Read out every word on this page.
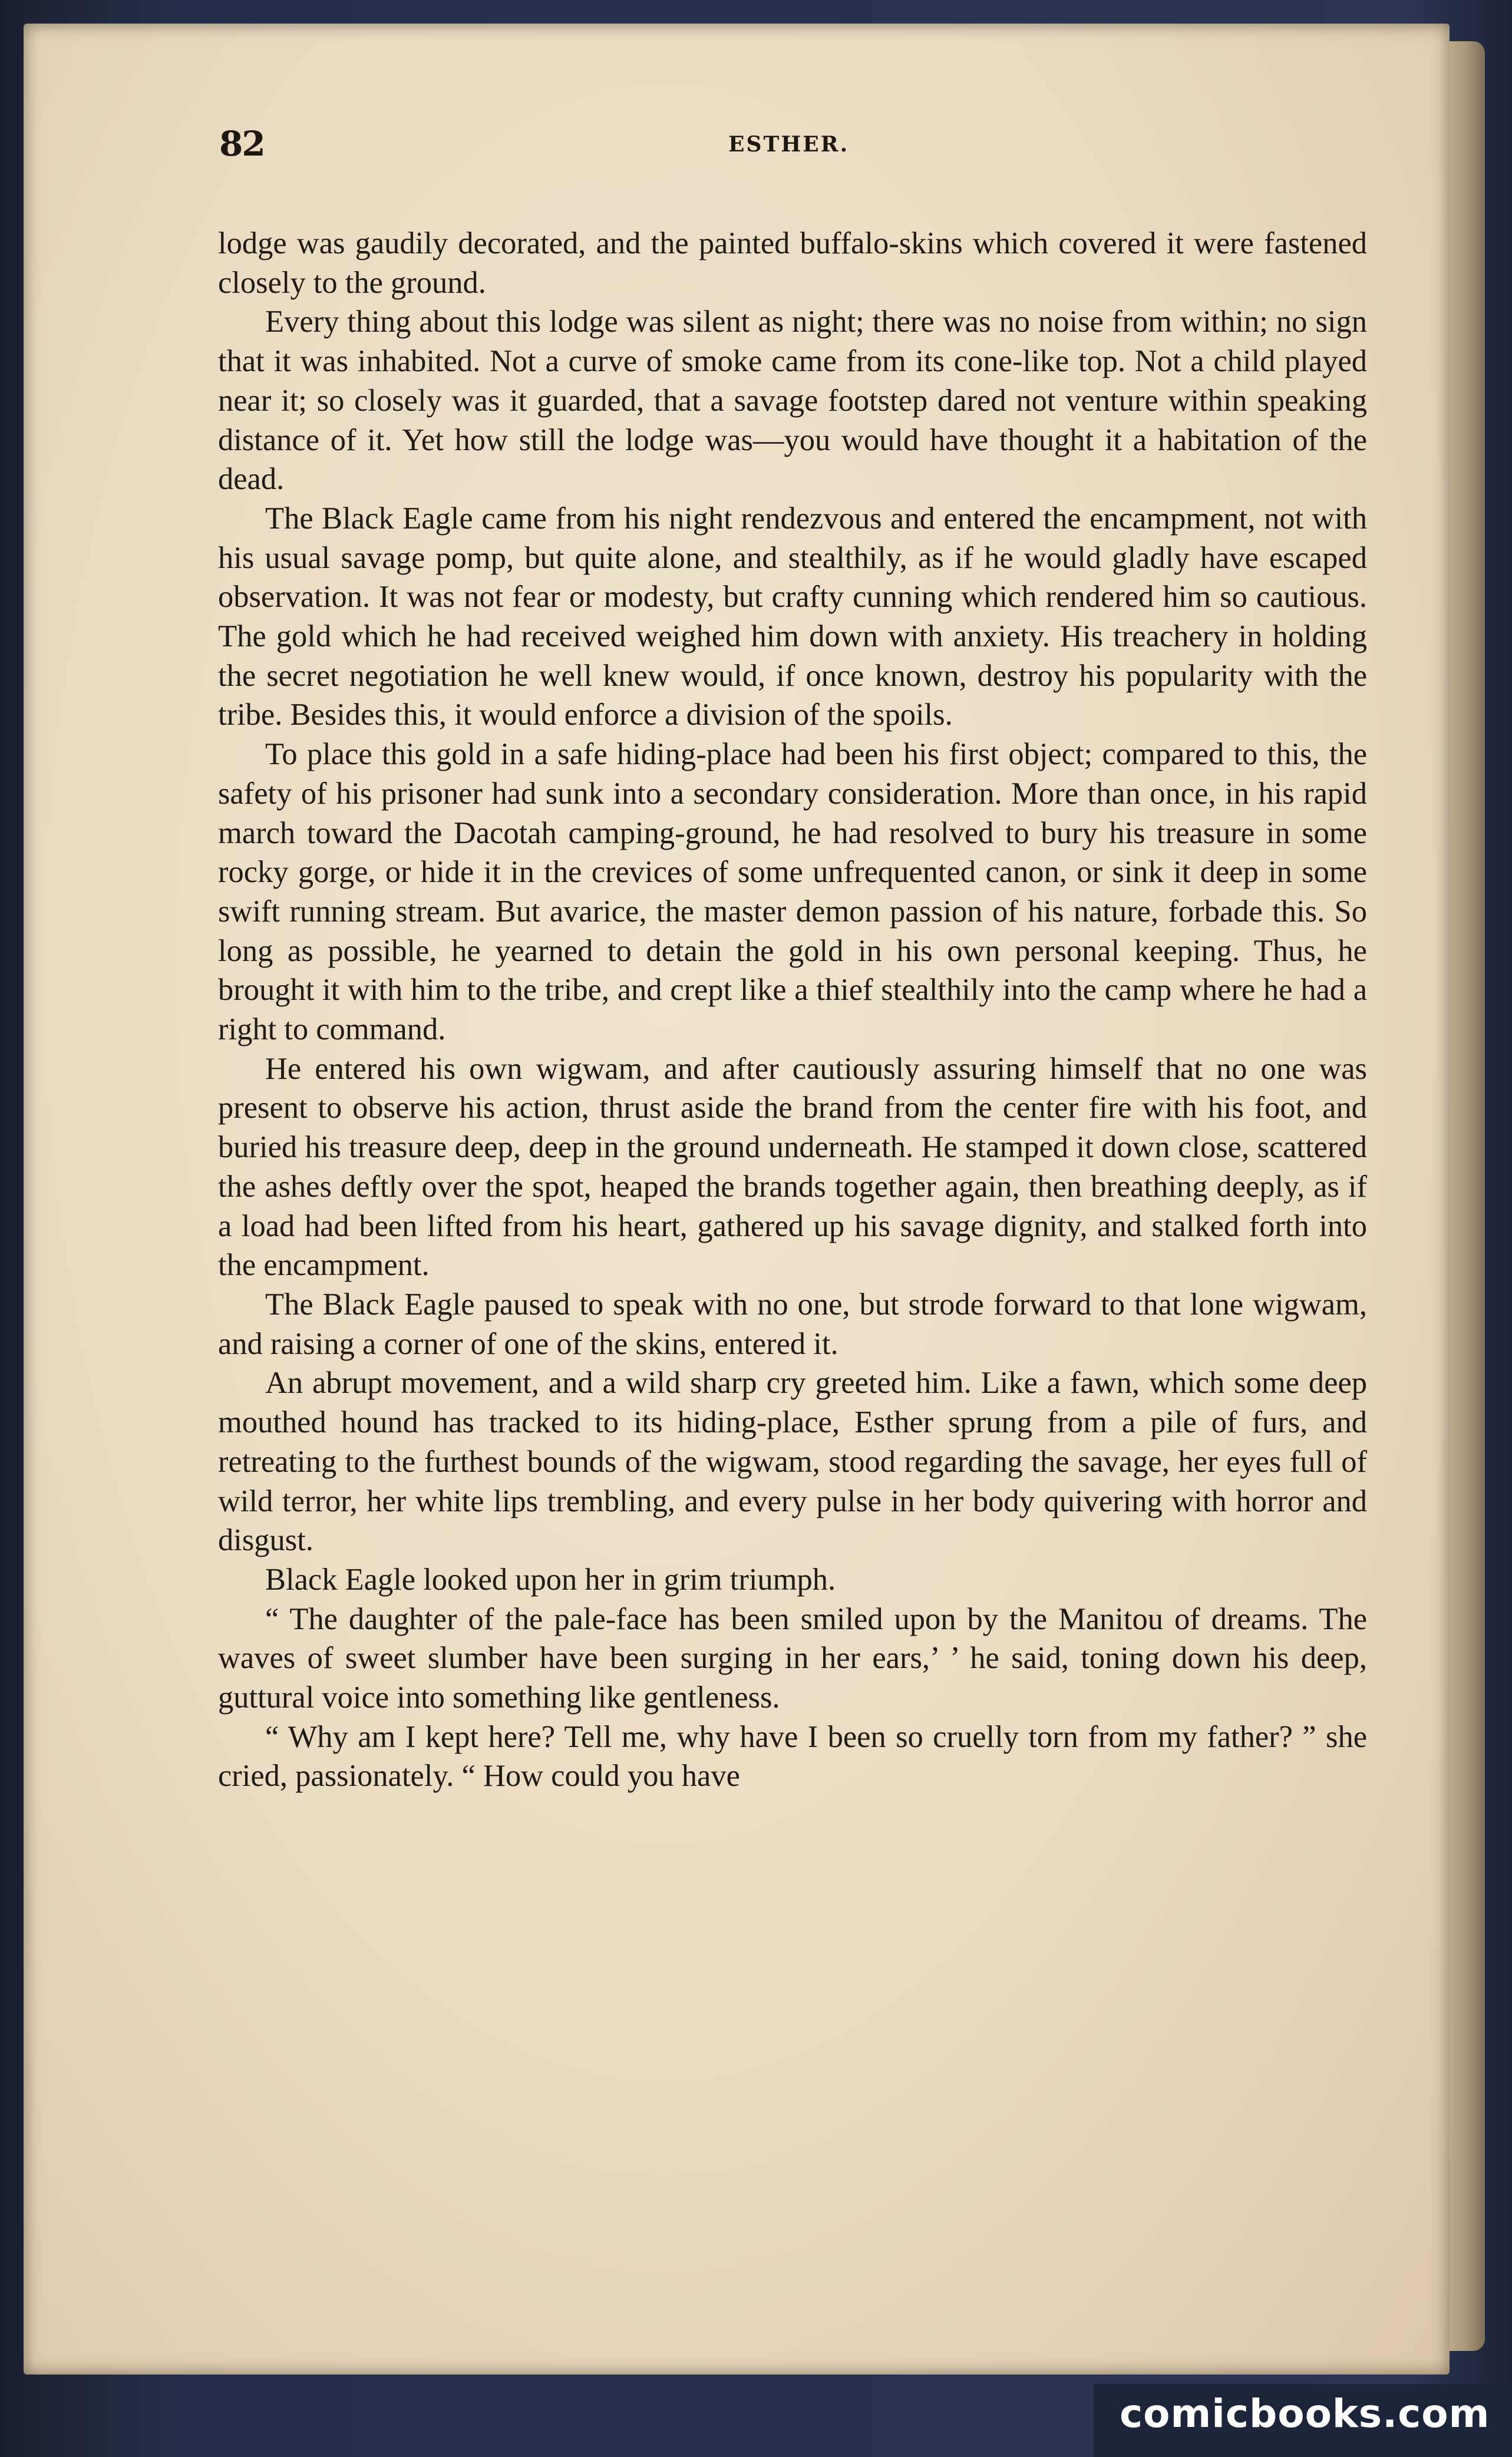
82	ESTHER.

lodge was gaudily decorated, and the painted buffalo-skins which covered it were fastened closely to the ground.

Every thing about this lodge was silent as night; there was no noise from within; no sign that it was inhabited. Not a curve of smoke came from its cone-like top. Not a child played near it; so closely was it guarded, that a savage footstep dared not venture within speaking distance of it. Yet how still the lodge was—you would have thought it a habitation of the dead.

The Black Eagle came from his night rendezvous and entered the encampment, not with his usual savage pomp, but quite alone, and stealthily, as if he would gladly have escaped observation. It was not fear or modesty, but crafty cunning which rendered him so cautious. The gold which he had received weighed him down with anxiety. His treachery in holding the secret negotiation he well knew would, if once known, destroy his popularity with the tribe. Besides this, it would enforce a division of the spoils.

To place this gold in a safe hiding-place had been his first object; compared to this, the safety of his prisoner had sunk into a secondary consideration. More than once, in his rapid march toward the Dacotah camping-ground, he had resolved to bury his treasure in some rocky gorge, or hide it in the crevices of some unfrequented canon, or sink it deep in some swift running stream. But avarice, the master demon passion of his nature, forbade this. So long as possible, he yearned to detain the gold in his own personal keeping. Thus, he brought it with him to the tribe, and crept like a thief stealthily into the camp where he had a right to command.

He entered his own wigwam, and after cautiously assuring himself that no one was present to observe his action, thrust aside the brand from the center fire with his foot, and buried his treasure deep, deep in the ground underneath. He stamped it down close, scattered the ashes deftly over the spot, heaped the brands together again, then breathing deeply, as if a load had been lifted from his heart, gathered up his savage dignity, and stalked forth into the encampment.

The Black Eagle paused to speak with no one, but strode forward to that lone wigwam, and raising a corner of one of the skins, entered it.

An abrupt movement, and a wild sharp cry greeted him. Like a fawn, which some deep mouthed hound has tracked to its hiding-place, Esther sprung from a pile of furs, and retreating to the furthest bounds of the wigwam, stood regarding the savage, her eyes full of wild terror, her white lips trembling, and every pulse in her body quivering with horror and disgust.

Black Eagle looked upon her in grim triumph.

“ The daughter of the pale-face has been smiled upon by the Manitou of dreams. The waves of sweet slumber have been surging in her ears,’ ’ he said, toning down his deep, guttural voice into something like gentleness.

“ Why am I kept here? Tell me, why have I been so cruelly torn from my father? ” she cried, passionately. “ How could you have

comicbooks.com
